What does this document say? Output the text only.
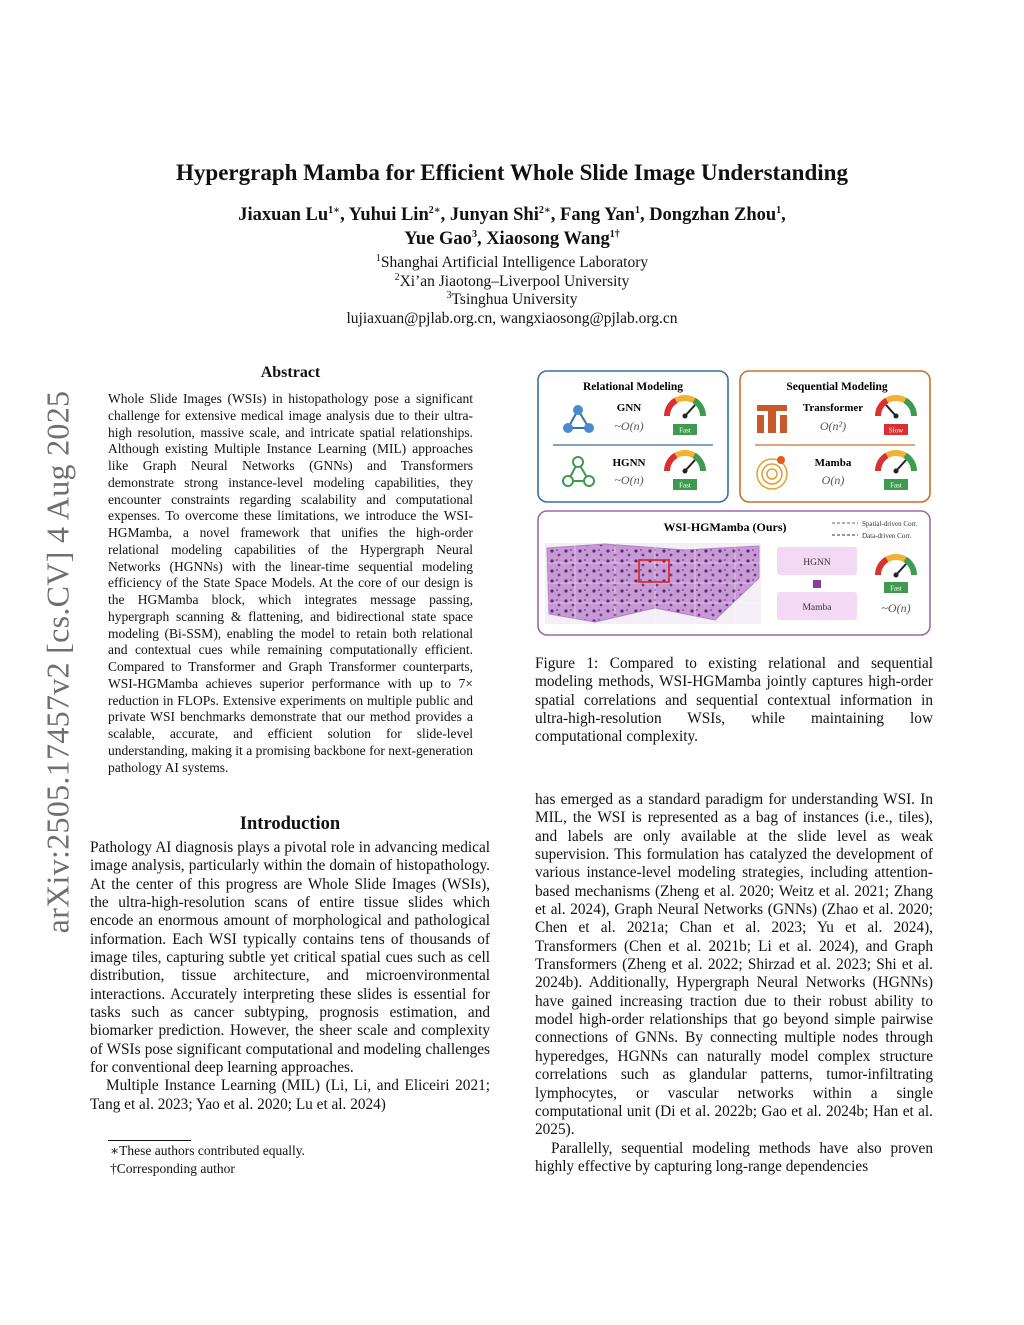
arXiv:2505.17457v2 [cs.CV] 4 Aug 2025
Hypergraph Mamba for Efficient Whole Slide Image Understanding
Jiaxuan $Lu^{1∗}$, Yuhui Lin$^{2∗}$, Junyan Shi$^{2∗}$, Fang Yan$^1$, Dongzhan Zhou$^1$,
Yue Gao$^3$, Xiaosong Wang$^{1\dagger}$
$^1$Shanghai Artificial Intelligence Laboratory
$^2$Xi’an Jiaotong–Liverpool University
$^3$Tsinghua University
lujiaxuan@pjlab.org.cn, wangxiaosong@pjlab.org.cn
Abstract
Whole Slide Images (WSIs) in histopathology pose a significant challenge for extensive medical image analysis due to their ultra-high resolution, massive scale, and intricate spatial relationships. Although existing Multiple Instance Learning (MIL) approaches like Graph Neural Networks (GNNs) and Transformers demonstrate strong instance-level modeling capabilities, they encounter constraints regarding scalability and computational expenses. To overcome these limitations, we introduce the WSI-HGMamba, a novel framework that unifies the high-order relational modeling capabilities of the Hypergraph Neural Networks (HGNNs) with the linear-time sequential modeling efficiency of the State Space Models. At the core of our design is the HGMamba block, which integrates message passing, hypergraph scanning & flattening, and bidirectional state space modeling (Bi-SSM), enabling the model to retain both relational and contextual cues while remaining computationally efficient. Compared to Transformer and Graph Transformer counterparts, WSI-HGMamba achieves superior performance with up to 7× reduction in FLOPs. Extensive experiments on multiple public and private WSI benchmarks demonstrate that our method provides a scalable, accurate, and efficient solution for slide-level understanding, making it a promising backbone for next-generation pathology AI systems.
Introduction

Pathology AI diagnosis plays a pivotal role in advancing medical image analysis, particularly within the domain of histopathology. At the center of this progress are Whole Slide Images (WSIs), the ultra-high-resolution scans of entire tissue slides which encode an enormous amount of morphological and pathological information. Each WSI typically contains tens of thousands of image tiles, capturing subtle yet critical spatial cues such as cell distribution, tissue architecture, and microenvironmental interactions. Accurately interpreting these slides is essential for tasks such as cancer subtyping, prognosis estimation, and biomarker prediction. However, the sheer scale and complexity of WSIs pose significant computational and modeling challenges for conventional deep learning approaches.

Multiple Instance Learning (MIL) (Li, Li, and Eliceiri 2021; Tang et al. 2023; Yao et al. 2020; Lu et al. 2024)

∗These authors contributed equally.
†Corresponding author
Relational Modeling
GNN
~O(n)	Fast
HGNN
~O(n)	Fast
Sequential Modeling
Transformer
O(n²)	Slow
Mamba
O(n)	Fast
WSI-HGMamba (Ours)	Spatial-driven Corr.
Data-driven Corr.
HGNN
Mamba
Fast
~O(n)
Figure 1: Compared to existing relational and sequential modeling methods, WSI-HGMamba jointly captures high-order spatial correlations and sequential contextual information in ultra-high-resolution WSIs, while maintaining low computational complexity.

has emerged as a standard paradigm for understanding WSI. In MIL, the WSI is represented as a bag of instances (i.e., tiles), and labels are only available at the slide level as weak supervision. This formulation has catalyzed the development of various instance-level modeling strategies, including attention-based mechanisms (Zheng et al. 2020; Weitz et al. 2021; Zhang et al. 2024), Graph Neural Networks (GNNs) (Zhao et al. 2020; Chen et al. 2021a; Chan et al. 2023; Yu et al. 2024), Transformers (Chen et al. 2021b; Li et al. 2024), and Graph Transformers (Zheng et al. 2022; Shirzad et al. 2023; Shi et al. 2024b). Additionally, Hypergraph Neural Networks (HGNNs) have gained increasing traction due to their robust ability to model high-order relationships that go beyond simple pairwise connections of GNNs. By connecting multiple nodes through hyperedges, HGNNs can naturally model complex structure correlations such as glandular patterns, tumor-infiltrating lymphocytes, or vascular networks within a single computational unit (Di et al. 2022b; Gao et al. 2024b; Han et al. 2025).

Parallelly, sequential modeling methods have also proven highly effective by capturing long-range dependencies
